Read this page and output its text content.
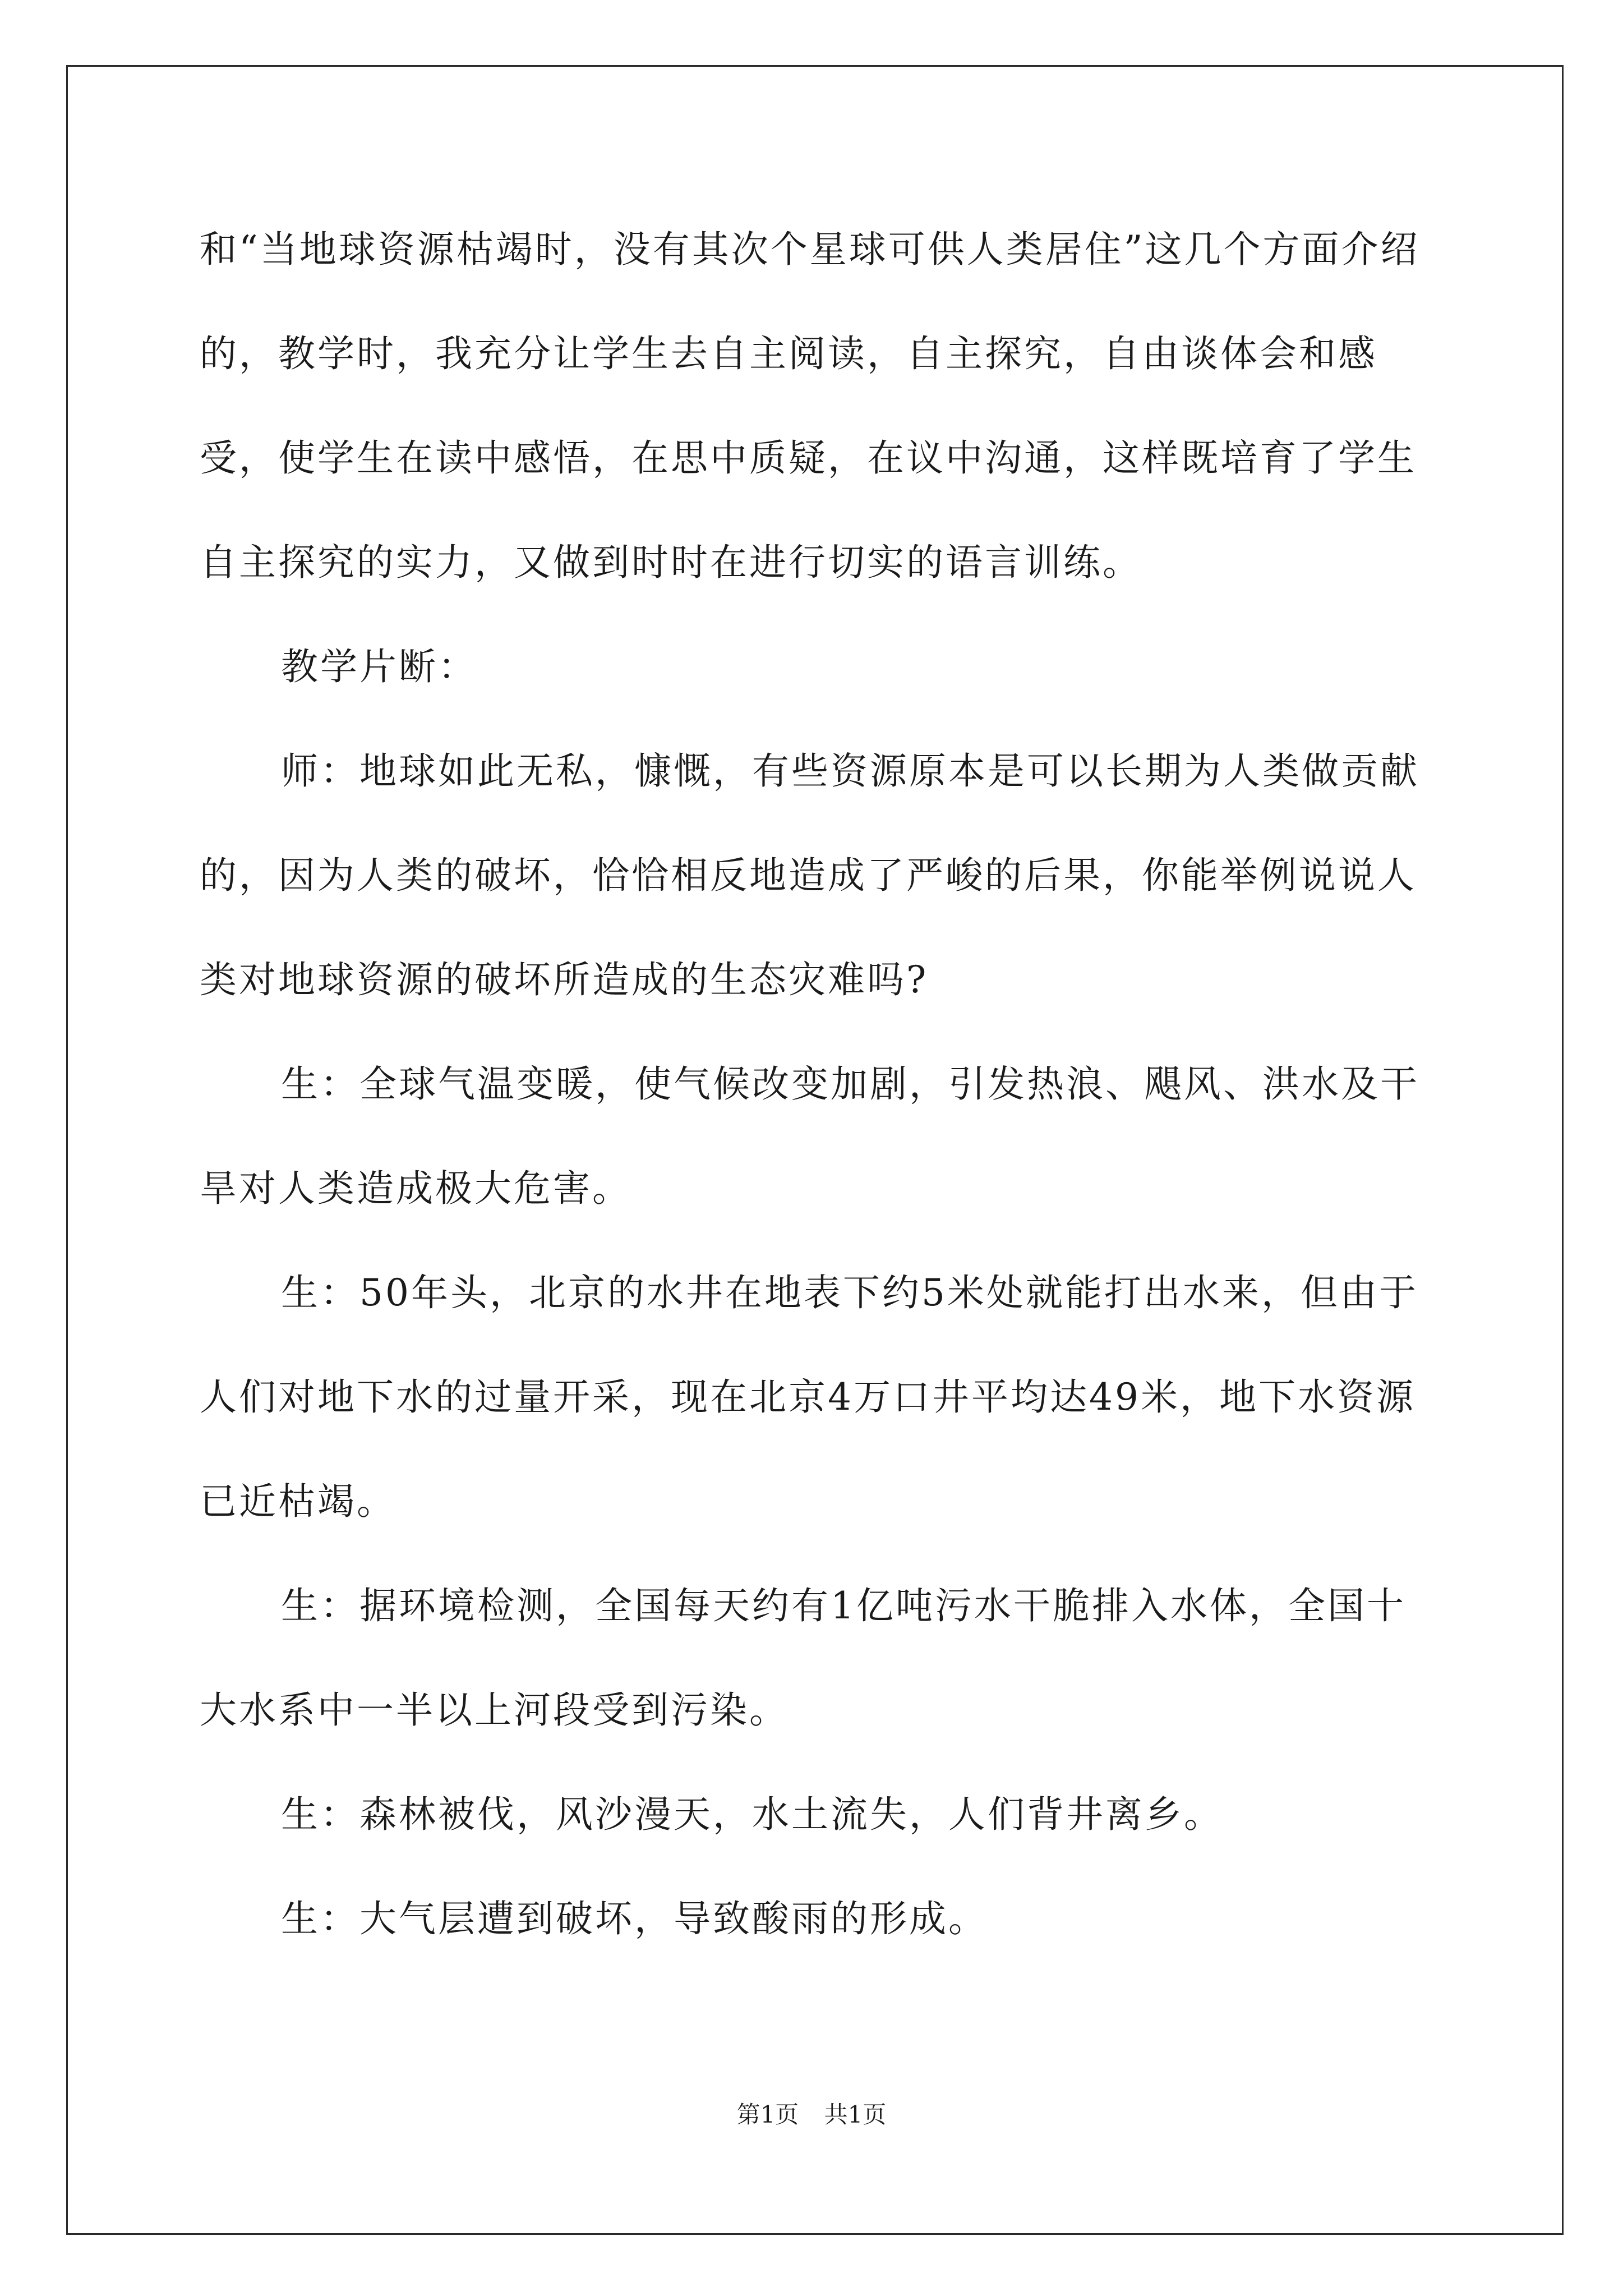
和“当地球资源枯竭时，没有其次个星球可供人类居住”这几个方面介绍的，教学时，我充分让学生去自主阅读，自主探究，自由谈体会和感受，使学生在读中感悟，在思中质疑，在议中沟通，这样既培育了学生自主探究的实力，又做到时时在进行切实的语言训练。

教学片断：

师：地球如此无私，慷慨，有些资源原本是可以长期为人类做贡献的，因为人类的破坏，恰恰相反地造成了严峻的后果，你能举例说说人类对地球资源的破坏所造成的生态灾难吗?

生：全球气温变暖，使气候改变加剧，引发热浪、飓风、洪水及干旱对人类造成极大危害。

生：50年头，北京的水井在地表下约5米处就能打出水来，但由于人们对地下水的过量开采，现在北京4万口井平均达49米，地下水资源已近枯竭。

生：据环境检测，全国每天约有1亿吨污水干脆排入水体，全国十大水系中一半以上河段受到污染。

生：森林被伐，风沙漫天，水土流失，人们背井离乡。

生：大气层遭到破坏，导致酸雨的形成。

第1页 共1页
